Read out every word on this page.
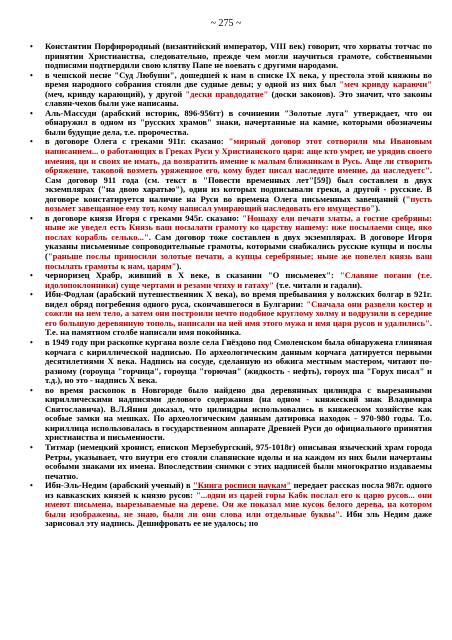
~ 275 ~
• Константин Порфирородный (византийский император, VIII век) говорит, что хорваты тотчас по принятии Христианства, следовательно, прежде чем могли научиться грамоте, собственными подписями подтвердили свою клятву Папе не воевать с другими народами.
• в чешской песне "Суд Любуши", дошедшей к нам в списке IX века, у престола этой княжны во время народного собрания стояли две судные девы; у одной из них был "меч кривду караючи" (меч, кривду карающий), у другой "дески правдодатне" (доски законов). Это значит, что законы славян-чехов были уже написаны.
• Аль-Массуди (арабский историк, 896-956гг) в сочинении "Золотые луга" утверждает, что он обнаружил в одном из "русских храмов" знаки, начертанные на камне, которыми обозначены были будущие дела, т.е. пророчества.
• в договоре Олега с греками 911г. сказано: "мирный договор этот сотворили мы Ивановым написанием... о работающих в Греках Руси у Христианского царя: аще кто умрет, не урядив своего имения, ци и своих не имать, да возвратить имение к малым ближникам в Русь. Аще ли створить обряжение, таковой возметь уряженное его, кому будет писал наследите имение, да наследуетс". Сам договор 911 года (см. текст в "Повести временных лет"[59]) был составлен в двух экземплярах ("на двою харатью"), один из которых подписывали греки, а другой - русские. В договоре констатируется наличие на Руси во времена Олега письменных завещаний ("пусть возьмет завещанное ему тот, кому написал умирающий наследовать его имущество").
• в договоре князя Игоря с греками 945г. сказано: "Ношаху ели печати златы, а гостие сребряны: ныне же уведел есть Князь ваш посылати грамоту ко царству нашему: иже посылаеми сице, яко послах корабль селько...". Сам договор тоже составлен в двух экземплярах. В договоре Игоря указаны письменные сопроводительные грамоты, которыми снабжались русские купцы и послы ("раньше послы приносили золотые печати, а купцы серебряные; ныне же повелел князь ваш посылать грамоты к нам, царям").
• черноризец Храбр, живший в X веке, в сказании "О письменех": "Славяне погани (т.е. идолопоклонники) суще чертами и резами чтяху и гатаху" (т.е. читали и гадали).
• Ибн-Фодлан (арабский путешественник X века), во время пребывания у волжских болгар в 921г. видел обряд погребения одного руса, скончавшегося в Булгарии: "Сначала они развели костер и сожгли на нем тело, а затем они построили нечто подобное круглому холму и водрузили в середине его большую деревянную тополь, написали на ней имя этого мужа и имя царя русов и удалились". Т.е. на памятном столбе написали имя покойника.
• в 1949 году при раскопке кургана возле села Гнёздово под Смоленском была обнаружена глиняная корчага с кириллической надписью. По археологическим данным корчага датируется первыми десятилетиями X века. Надпись на сосуде, сделанную из обжига местным мастером, читают по-разному (гороуща "горчица", гороуща "горючая" (жидкость - нефть), гороух ша "Горух писал" и т.д.), но это - надпись X века.
• во время раскопок в Новгороде было найдено два деревянных цилиндра с вырезанными кириллическими надписями делового содержания (на одном - княжеский знак Владимира Святославича). В.Л.Янин доказал, что цилиндры использовались в княжеском хозяйстве как особые замки на мешках. По археологическим данным датировка находок - 970-980 годы. Т.о. кириллица использовалась в государственном аппарате Древней Руси до официального принятия христианства и письменности.
• Титмар (немецкий хронист, епископ Мерзебургский, 975-1018г) описывая языческий храм города Ретры, указывает, что внутри его стояли славянские идолы и на каждом из них были начертаны особыми знаками их имена. Впоследствии снимки с этих надписей были многократно издаваемы печатно.
• Ибн-Эль-Недим (арабский ученый) в "Книга росписи наукам" передает рассказ посла 987г. одного из кавказских князей к князю русов: "...одни из царей горы Кабк послал его к царю русов... они имеют письмена, вырезываемые на дереве. Он же показал мне кусок белого дерева, на котором были изображены, не знаю, были ли они слова или отдельные буквы". Ибн эль Недим даже зарисовал эту надпись. Дешифровать ее не удалось; по
